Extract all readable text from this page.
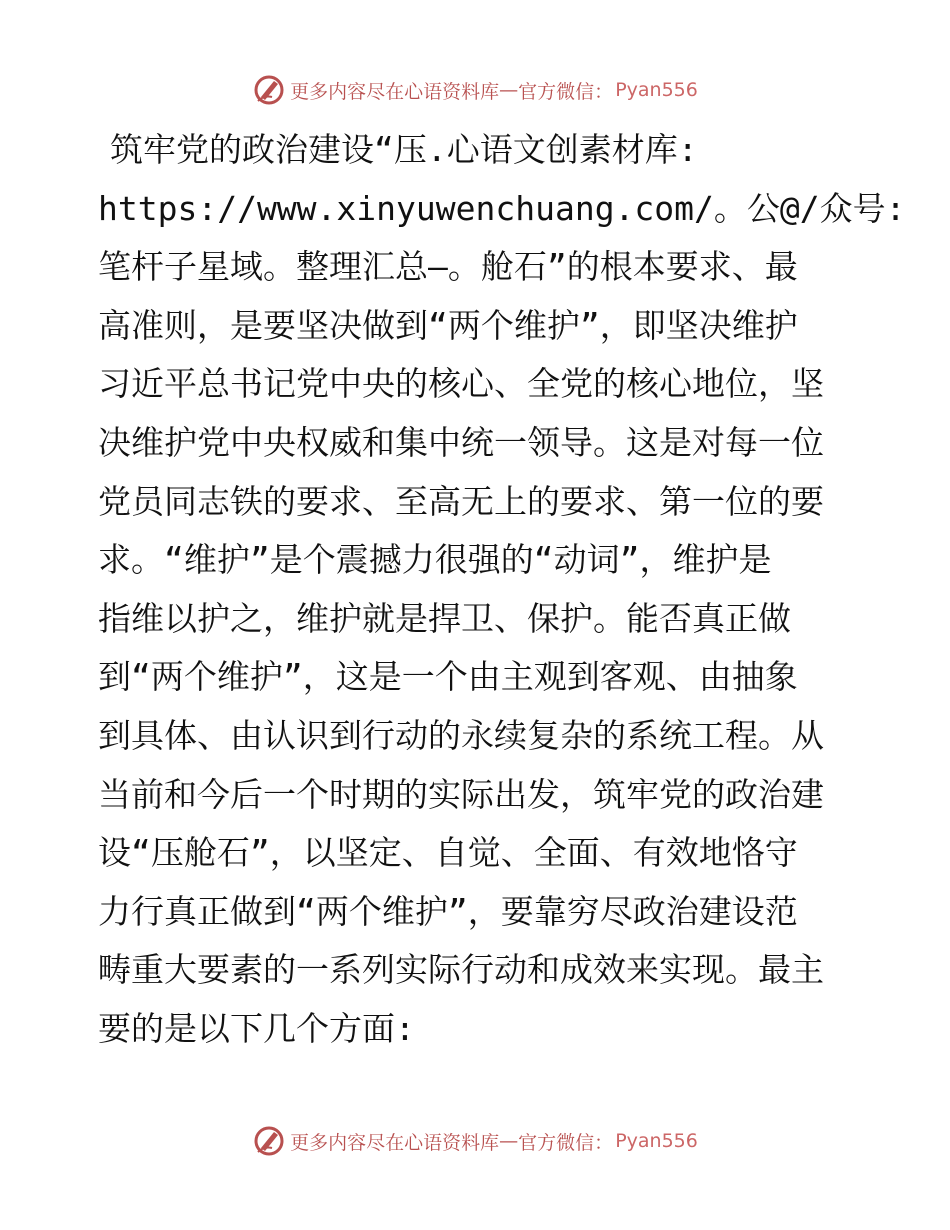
更多内容尽在心语资料库 — 官方微信： Pyan556
筑牢党的政治建设“压.心语文创素材库:
https://www.xinyuwenchuang.com/。公@/众号:
笔杆子星域。整理汇总—。舱石”的根本要求、最
高准则，是要坚决做到“两个维护”，即坚决维护
习近平总书记党中央的核心、全党的核心地位，坚
决维护党中央权威和集中统一领导。这是对每一位
党员同志铁的要求、至高无上的要求、第一位的要
求。“维护”是个震撼力很强的“动词”，维护是
指维以护之，维护就是捍卫、保护。能否真正做
到“两个维护”，这是一个由主观到客观、由抽象
到具体、由认识到行动的永续复杂的系统工程。从
当前和今后一个时期的实际出发，筑牢党的政治建
设“压舱石”，以坚定、自觉、全面、有效地恪守
力行真正做到“两个维护”，要靠穷尽政治建设范
畴重大要素的一系列实际行动和成效来实现。最主
要的是以下几个方面:
更多内容尽在心语资料库 — 官方微信： Pyan556
